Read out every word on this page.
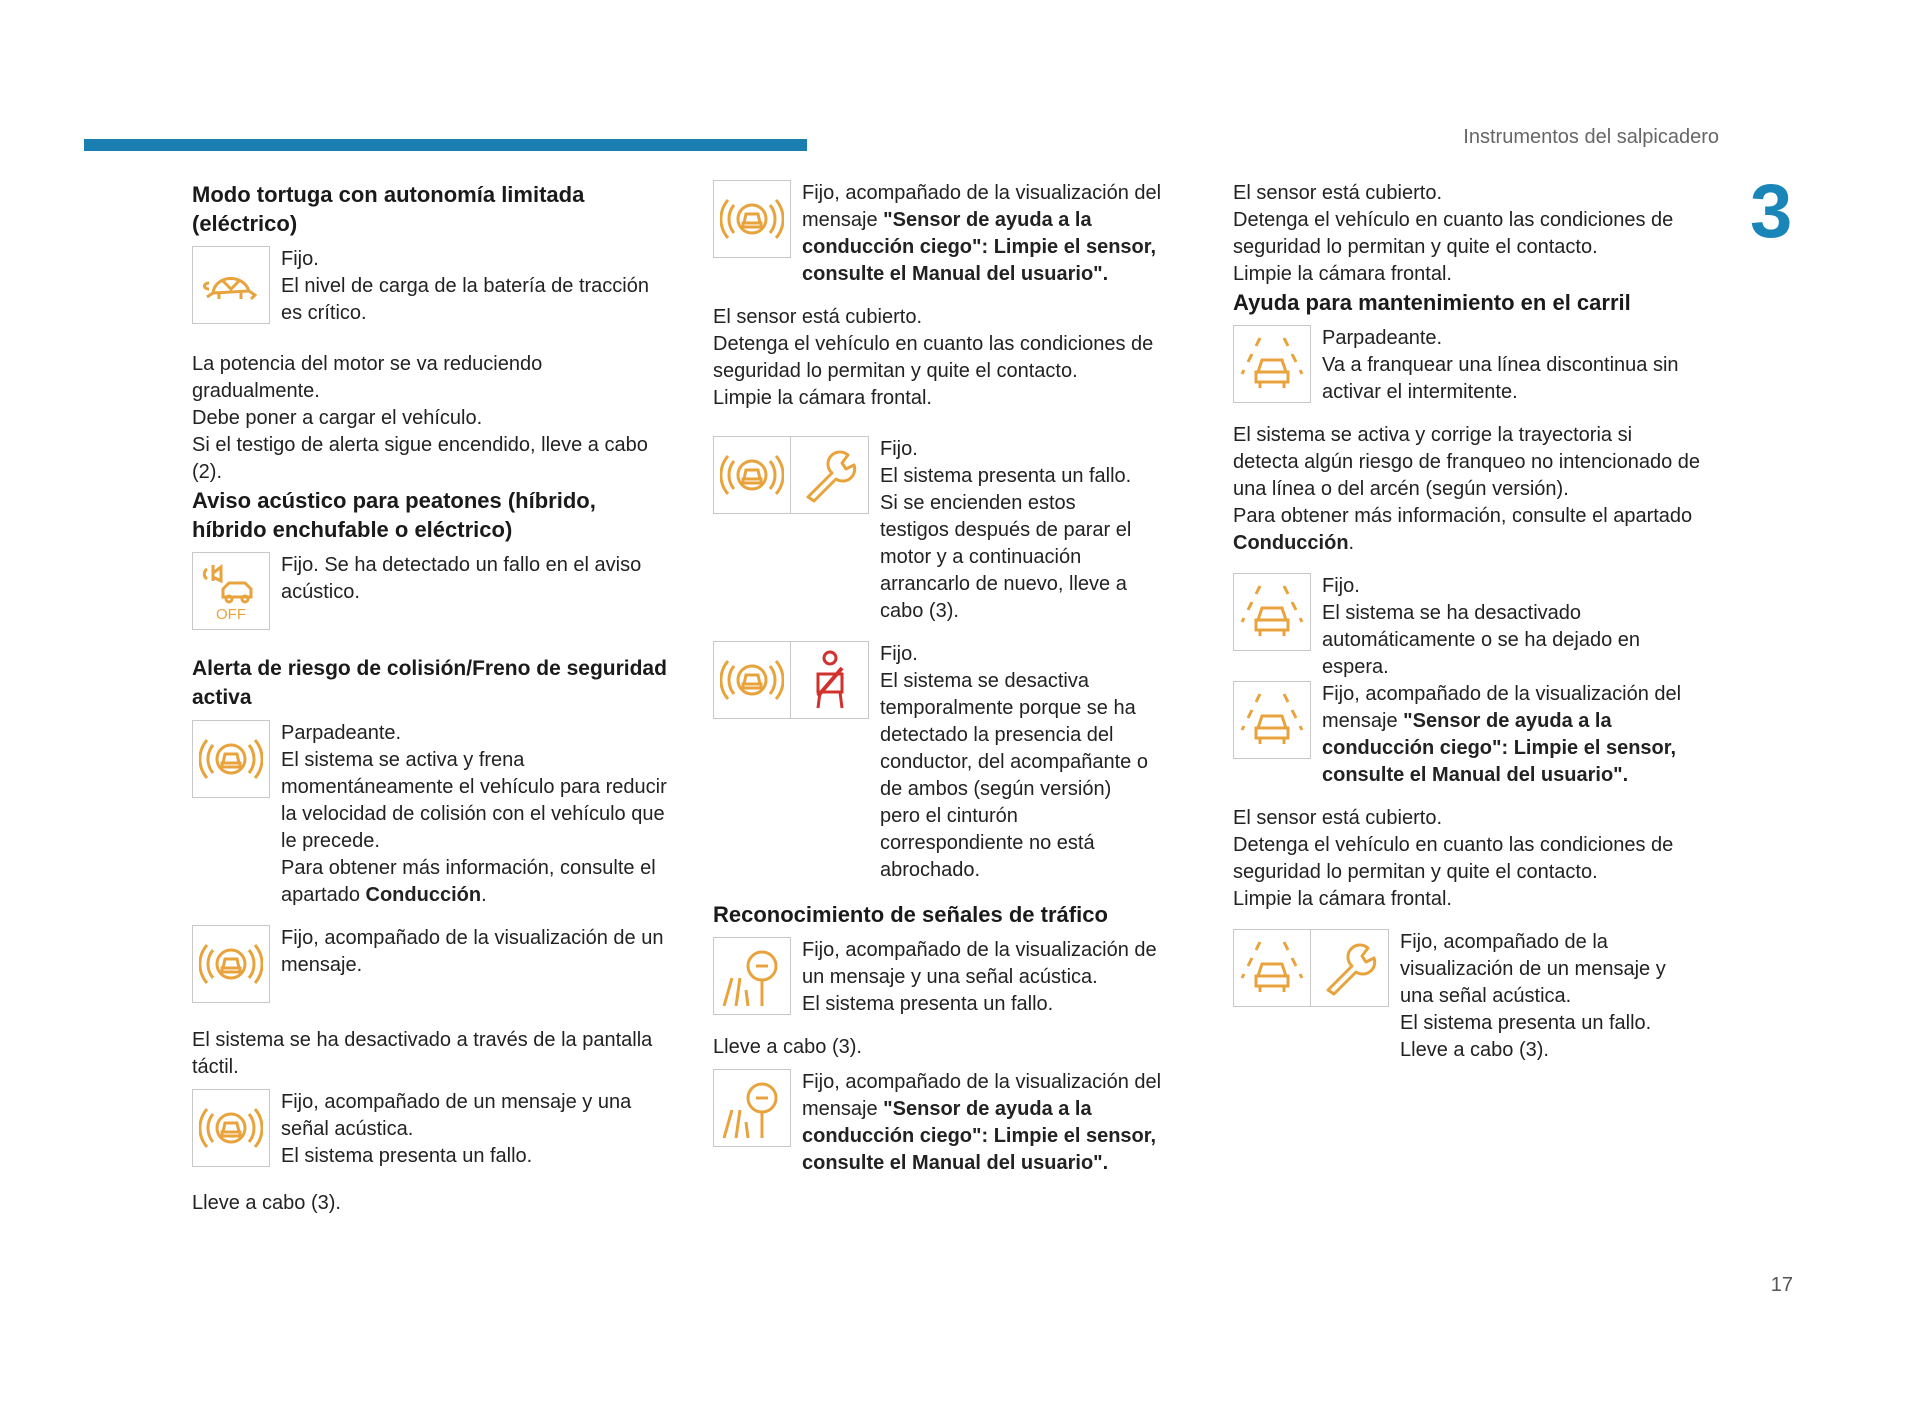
Instrumentos del salpicadero
3
17
Modo tortuga con autonomía limitada (eléctrico)

Fijo.

El nivel de carga de la batería de tracción es crítico.

La potencia del motor se va reduciendo gradualmente.

Debe poner a cargar el vehículo.

Si el testigo de alerta sigue encendido, lleve a cabo (2).

Aviso acústico para peatones (híbrido, híbrido enchufable o eléctrico)
OFF

Fijo. Se ha detectado un fallo en el aviso acústico.

Alerta de riesgo de colisión/Freno de seguridad activa

Parpadeante.

El sistema se activa y frena momentáneamente el vehículo para reducir la velocidad de colisión con el vehículo que le precede.

Para obtener más información, consulte el apartado Conducción.

Fijo, acompañado de la visualización de un mensaje.

El sistema se ha desactivado a través de la pantalla táctil.

Fijo, acompañado de un mensaje y una señal acústica.

El sistema presenta un fallo.

Lleve a cabo (3).

Fijo, acompañado de la visualización del mensaje "Sensor de ayuda a la conducción ciego": Limpie el sensor, consulte el Manual del usuario".

El sensor está cubierto.

Detenga el vehículo en cuanto las condiciones de seguridad lo permitan y quite el contacto.

Limpie la cámara frontal.

Fijo.

El sistema presenta un fallo.

Si se encienden estos testigos después de parar el motor y a continuación arrancarlo de nuevo, lleve a cabo (3).

Fijo.

El sistema se desactiva temporalmente porque se ha detectado la presencia del conductor, del acompañante o de ambos (según versión) pero el cinturón correspondiente no está abrochado.

Reconocimiento de señales de tráfico

Fijo, acompañado de la visualización de un mensaje y una señal acústica.

El sistema presenta un fallo.

Lleve a cabo (3).

Fijo, acompañado de la visualización del mensaje "Sensor de ayuda a la conducción ciego": Limpie el sensor, consulte el Manual del usuario".

El sensor está cubierto.

Detenga el vehículo en cuanto las condiciones de seguridad lo permitan y quite el contacto.

Limpie la cámara frontal.

Ayuda para mantenimiento en el carril

Parpadeante.

Va a franquear una línea discontinua sin activar el intermitente.

El sistema se activa y corrige la trayectoria si detecta algún riesgo de franqueo no intencionado de una línea o del arcén (según versión).

Para obtener más información, consulte el apartado Conducción.

Fijo.

El sistema se ha desactivado automáticamente o se ha dejado en espera.

Fijo, acompañado de la visualización del mensaje "Sensor de ayuda a la conducción ciego": Limpie el sensor, consulte el Manual del usuario".

El sensor está cubierto.

Detenga el vehículo en cuanto las condiciones de seguridad lo permitan y quite el contacto.

Limpie la cámara frontal.

Fijo, acompañado de la visualización de un mensaje y una señal acústica.

El sistema presenta un fallo.

Lleve a cabo (3).
